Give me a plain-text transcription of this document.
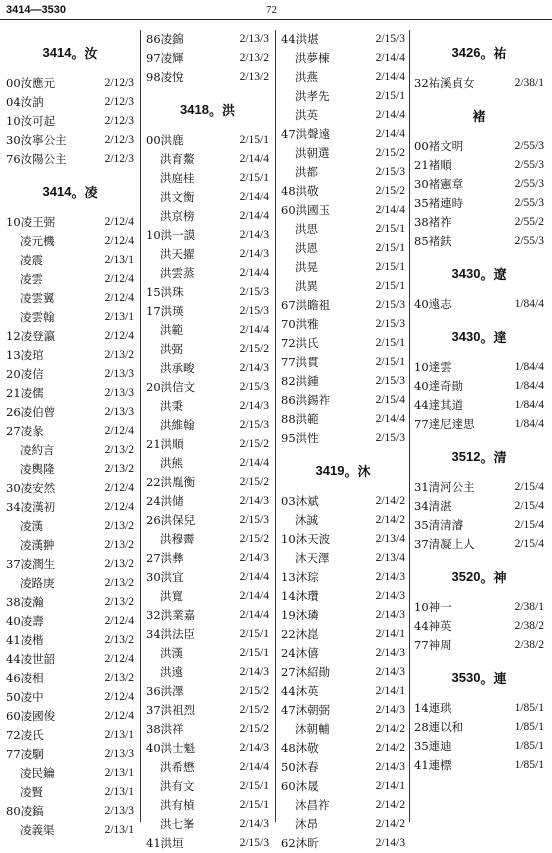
3414—3530	72
3414 。 汝
00汝應元	2/12/3
04汝訥	2/12/3
10汝可起	2/12/3
30汝寧公主	2/12/3
76汝陽公主	2/12/3
3414 。 凌
10凌王弼	2/12/4
凌元機	2/12/4
凌震	2/13/1
凌雲	2/12/4
凌雲翼	2/12/4
凌雲翰	2/13/1
12凌登瀛	2/12/4
13凌琯	2/13/2
20凌信	2/13/3
21凌儒	2/13/3
26凌伯曾	2/13/3
27凌彖	2/12/4
凌約言	2/13/2
凌輿隆	2/13/2
30凌安然	2/12/4
34凌漢初	2/12/4
凌漢	2/13/2
凌漢翀	2/13/2
37凌潤生	2/13/2
凌路庚	2/13/2
38凌瀚	2/13/2
40凌壽	2/12/4
41凌楷	2/13/2
44凌世韶	2/12/4
46凌相	2/13/2
50凌中	2/12/4
60凌國俊	2/12/4
72凌氏	2/13/1
77凌駉	2/13/3
凌民鑰	2/13/1
凌賢	2/13/1
80凌鎬	2/13/3
凌義渠	2/13/1
86凌錦	2/13/3
97凌輝	2/13/2
98凌悅	2/13/2
3418 。 洪
00洪鹿	2/15/1
洪育鰲	2/14/4
洪庭桂	2/15/1
洪文衡	2/14/4
洪京榜	2/14/4
10洪一謨	2/14/3
洪天擢	2/14/3
洪雲蒸	2/14/4
15洪珠	2/15/3
17洪瑛	2/15/3
洪範	2/14/4
洪弼	2/15/2
洪承畯	2/14/3
20洪信文	2/15/3
洪秉	2/14/3
洪維翰	2/15/3
21洪順	2/15/2
洪熊	2/14/4
22洪胤衡	2/15/2
24洪储	2/14/3
26洪保兒	2/15/3
洪穆霽	2/15/2
27洪彝	2/14/3
30洪宜	2/14/4
洪寬	2/14/4
32洪業嘉	2/14/4
34洪法臣	2/15/1
洪漢	2/15/1
洪遠	2/14/3
36洪澤	2/15/2
37洪祖烈	2/15/2
38洪祥	2/15/2
40洪士魁	2/14/3
洪希懋	2/14/4
洪有文	2/15/1
洪有楨	2/15/1
洪七峯	2/14/3
41洪垣	2/15/3
44洪堪	2/15/3
洪夢棟	2/14/4
洪燕	2/14/4
洪孝先	2/15/1
洪英	2/14/4
47洪聲遠	2/14/4
洪朝選	2/15/2
洪都	2/15/3
48洪敬	2/15/2
60洪國玉	2/14/4
洪思	2/15/1
洪恩	2/15/1
洪晃	2/15/1
洪異	2/15/1
67洪瞻祖	2/15/3
70洪雅	2/15/3
72洪氏	2/15/1
77洪貫	2/15/1
82洪鍾	2/15/3
86洪錫祚	2/15/4
88洪範	2/14/4
95洪性	2/15/3
3419 。 沐
03沐斌	2/14/2
沐誠	2/14/2
10沐天波	2/13/4
沐天澤	2/13/4
13沐琮	2/14/3
14沐瓚	2/14/3
19沐璘	2/14/3
22沐崑	2/14/1
24沐僖	2/14/3
27沐紹勛	2/14/3
44沐英	2/14/1
47沐朝弼	2/14/3
沐朝輔	2/14/2
48沐敬	2/14/2
50沐春	2/14/3
60沐晟	2/14/1
沐昌祚	2/14/2
沐昂	2/14/2
62沐昕	2/14/3
3426 。 祐
32祐溪貞女	2/38/1
褚
00褚文明	2/55/3
21褚順	2/55/3
30褚憲章	2/55/3
35褚連時	2/55/3
38褚祚	2/55/2
85褚鈇	2/55/3
3430 。 遼
40遠志	1/84/4
3430 。 達
10達雲	1/84/4
40達奇勛	1/84/4
44達其道	1/84/4
77達尼達思	1/84/4
3512 。 清
31清河公主	2/15/4
34清湛	2/15/4
35清清濬	2/15/4
37清凝上人	2/15/4
3520 。 神
10神一	2/38/1
44神英	2/38/2
77神周	2/38/2
3530 。 連
14連珙	1/85/1
28連以和	1/85/1
35連迪	1/85/1
41連標	1/85/1
